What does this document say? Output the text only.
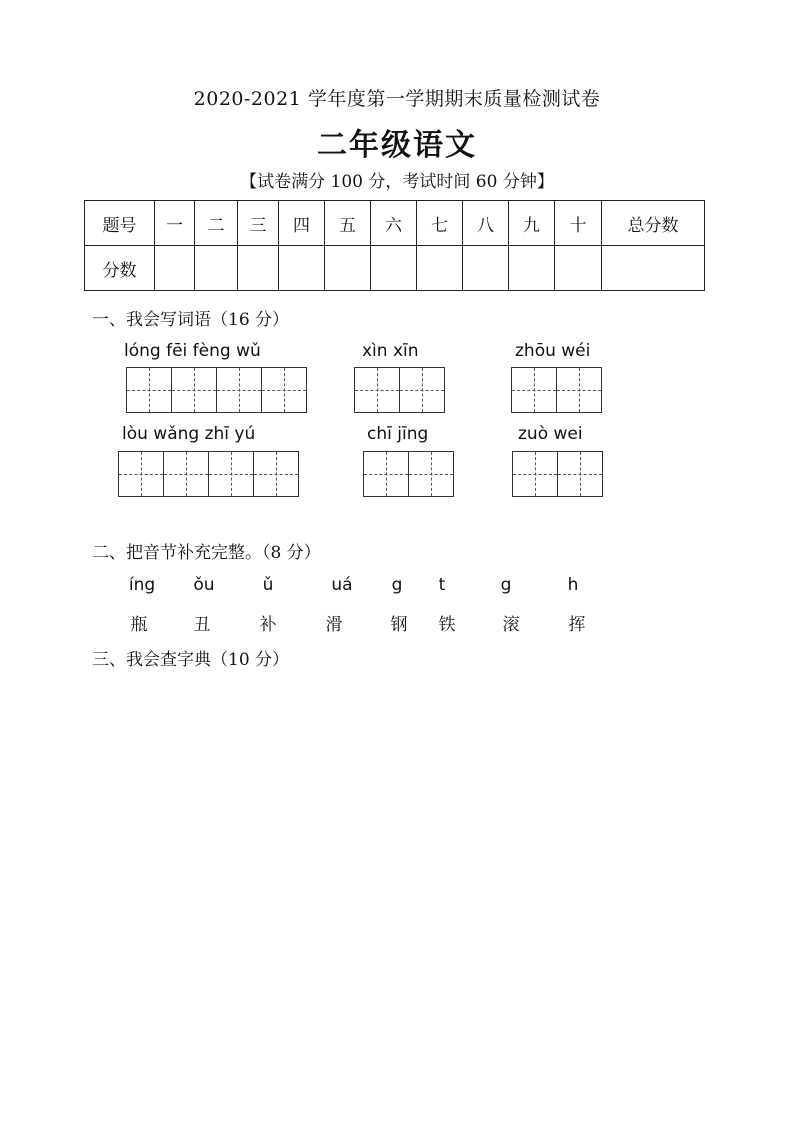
2020-2021 学年度第一学期期末质量检测试卷
二年级语文
【试卷满分 100 分，考试时间 60 分钟】
题号	一	二	三	四	五	六	七	八	九	十	总分数
分数											
一、我会写词语（16 分）
lóng fēi fèng wǔ	xìn xīn	zhōu wéi
lòu wǎng zhī yú	chī jīng	zuò wei
二、把音节补充完整。（8 分）
íng	ǒu	ǔ	uá	g	t	g	h
瓶	丑	补	滑	钢	铁	滚	挥
三、我会查字典（10 分）
